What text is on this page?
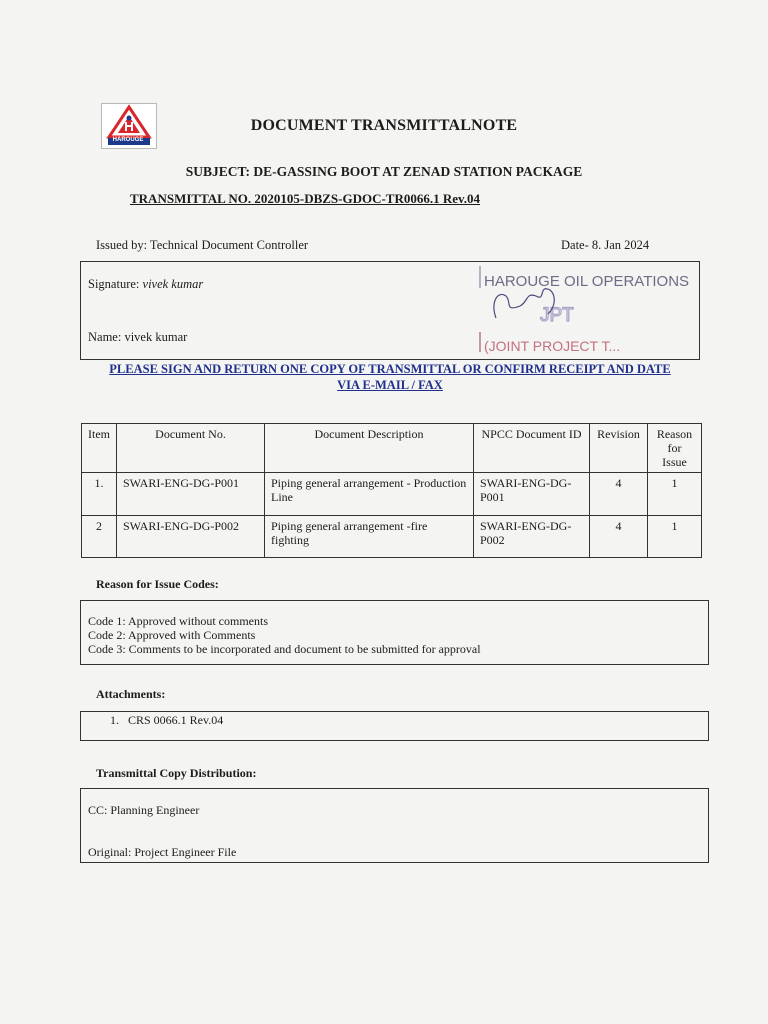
HAROUGE
DOCUMENT TRANSMITTALNOTE
SUBJECT: DE-GASSING BOOT AT ZENAD STATION PACKAGE
TRANSMITTAL NO. 2020105-DBZS-GDOC-TR0066.1 Rev.04
Issued by: Technical Document Controller	Date- 8. Jan 2024
Signature: vivek kumar
Name: vivek kumar
HAROUGE OIL OPERATIONS
JPT
(JOINT PROJECT T...
PLEASE SIGN AND RETURN ONE COPY OF TRANSMITTAL OR CONFIRM RECEIPT AND DATE
VIA E-MAIL / FAX
Item	Document No.	Document Description	NPCC Document ID	Revision	Reason for Issue
1.	SWARI-ENG-DG-P001	Piping general arrangement - Production Line	SWARI-ENG-DG-P001	4	1
2	SWARI-ENG-DG-P002	Piping general arrangement -fire fighting	SWARI-ENG-DG-P002	4	1
Reason for Issue Codes:
Code 1: Approved without comments
Code 2: Approved with Comments
Code 3: Comments to be incorporated and document to be submitted for approval
Attachments:
1.   CRS 0066.1 Rev.04
Transmittal Copy Distribution:
CC: Planning Engineer
Original: Project Engineer File
